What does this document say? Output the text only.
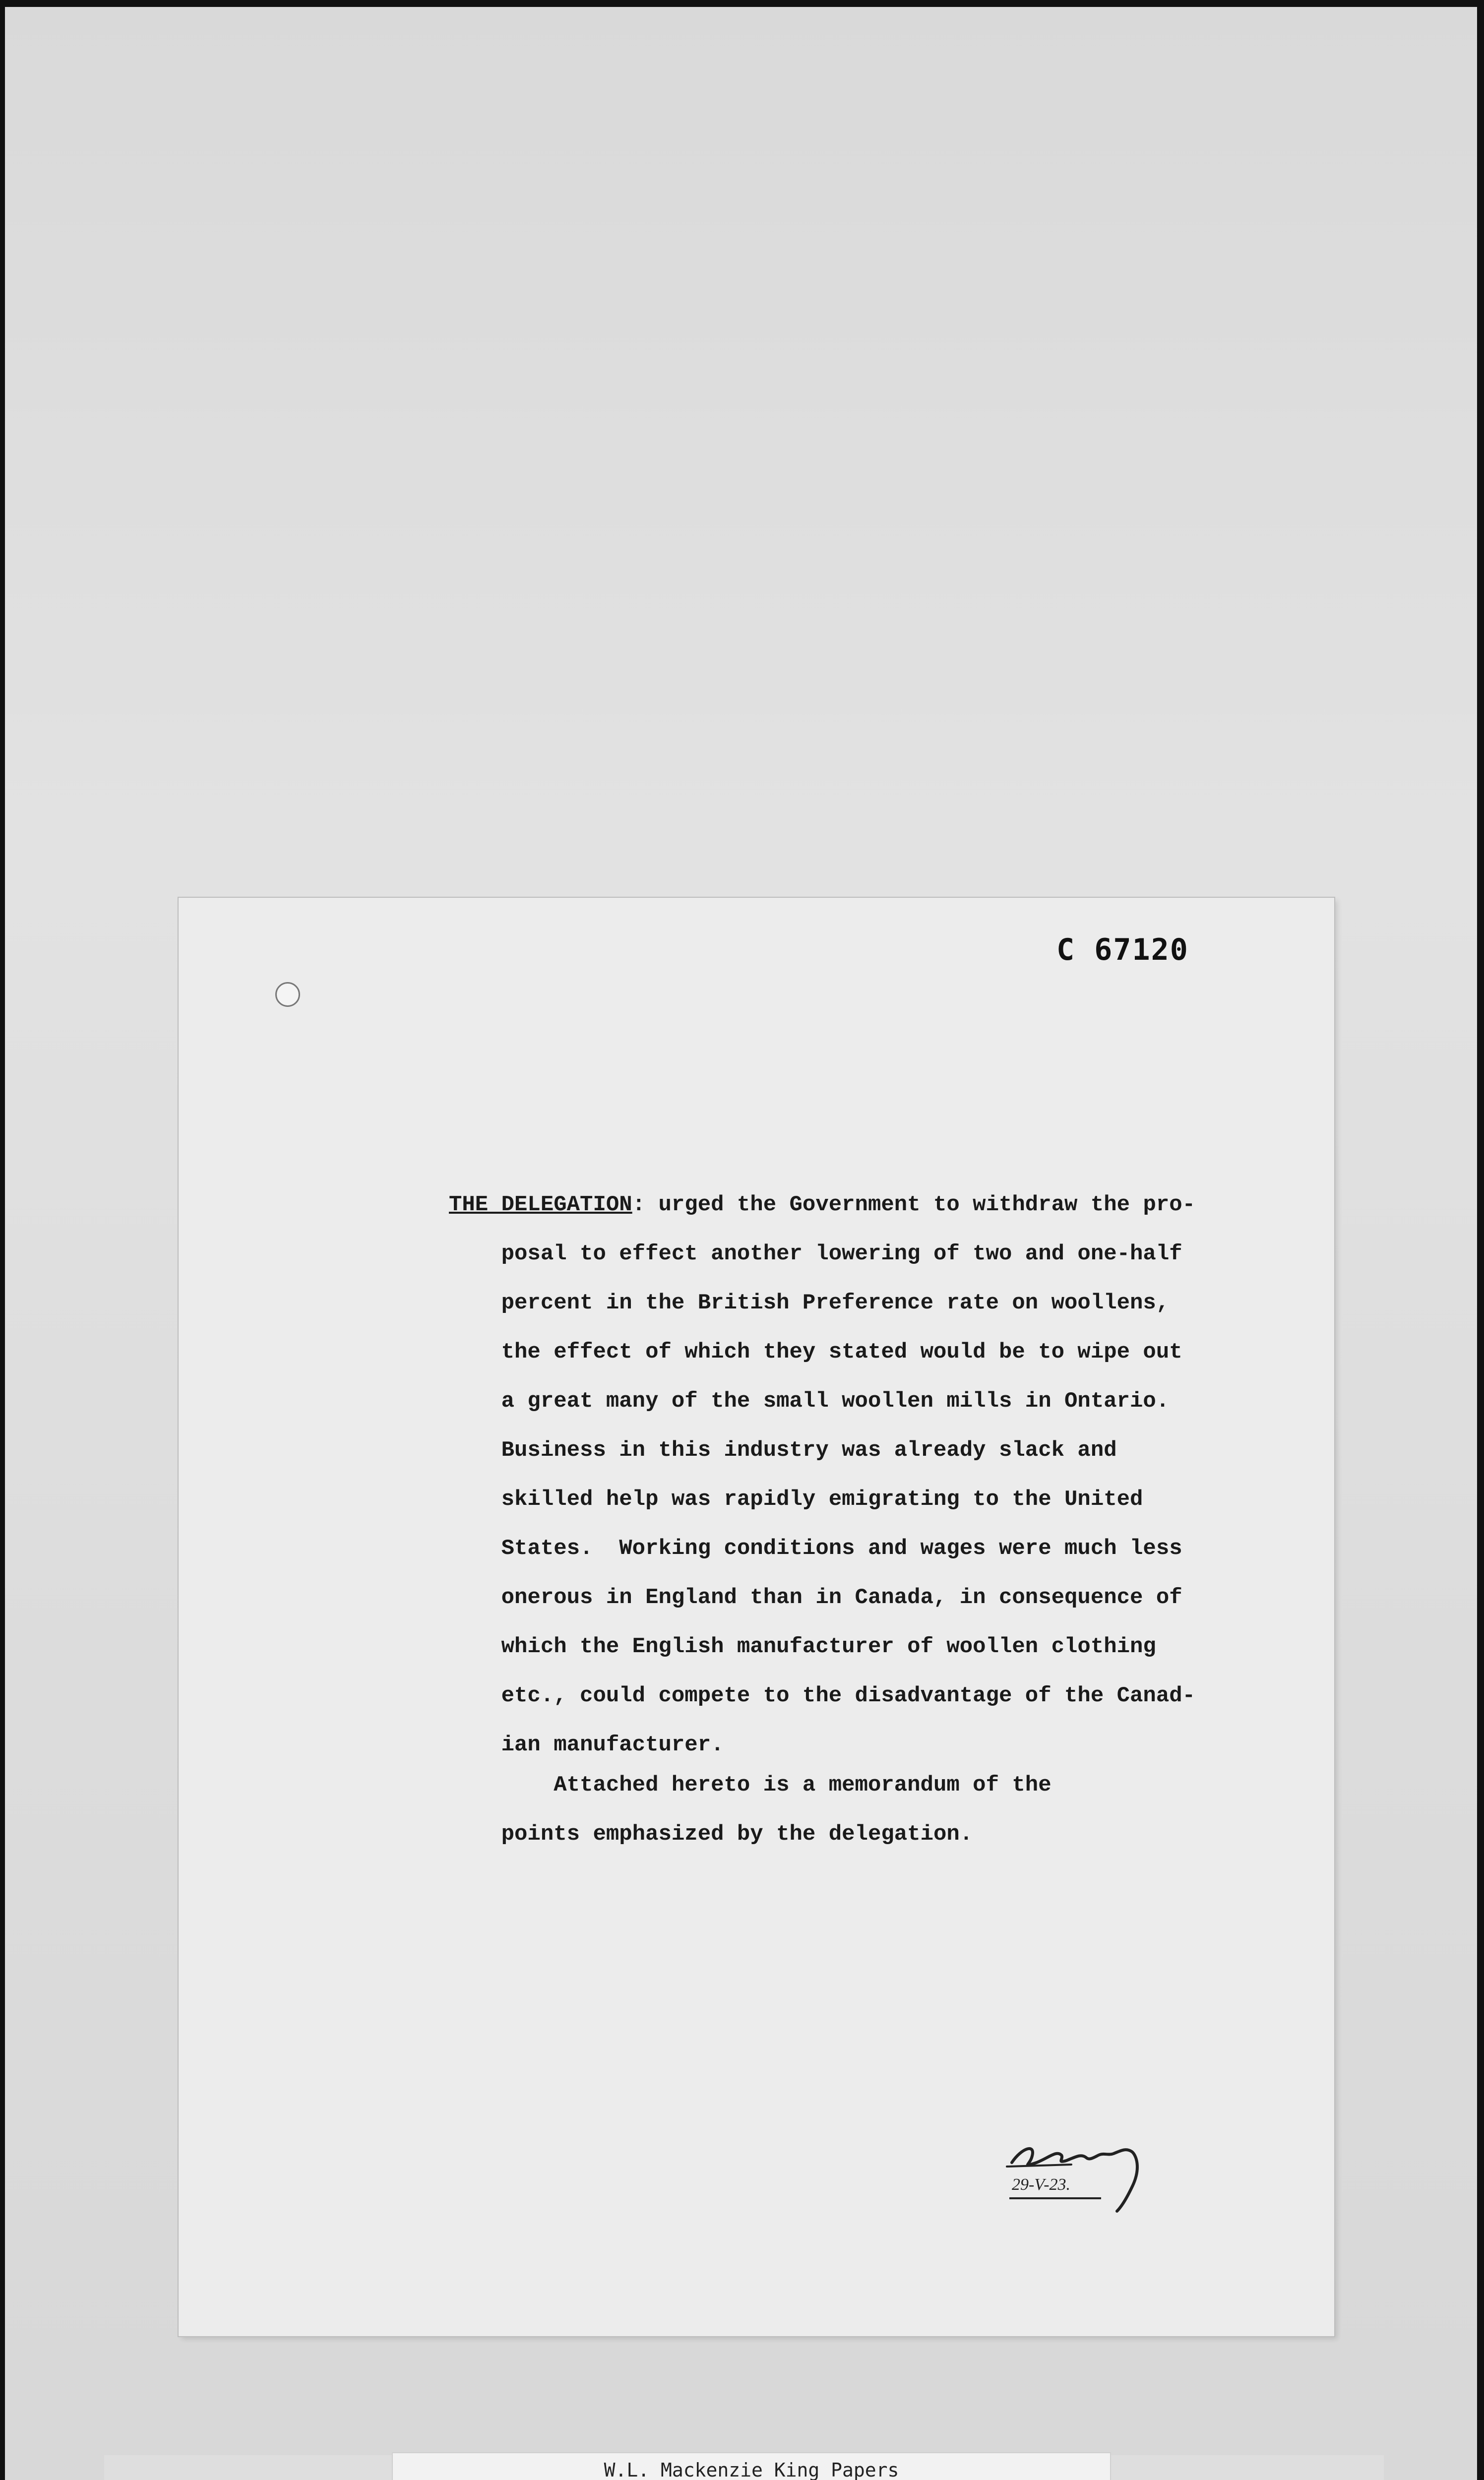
C 67120
THE DELEGATION: urged the Government to withdraw the pro-
posal to effect another lowering of two and one-half
percent in the British Preference rate on woollens,
the effect of which they stated would be to wipe out
a great many of the small woollen mills in Ontario.
Business in this industry was already slack and
skilled help was rapidly emigrating to the United
States.  Working conditions and wages were much less
onerous in England than in Canada, in consequence of
which the English manufacturer of woollen clothing
etc., could compete to the disadvantage of the Canad-
ian manufacturer.
Attached hereto is a memorandum of the
points emphasized by the delegation.
29-V-23.
W.L. Mackenzie King Papers
